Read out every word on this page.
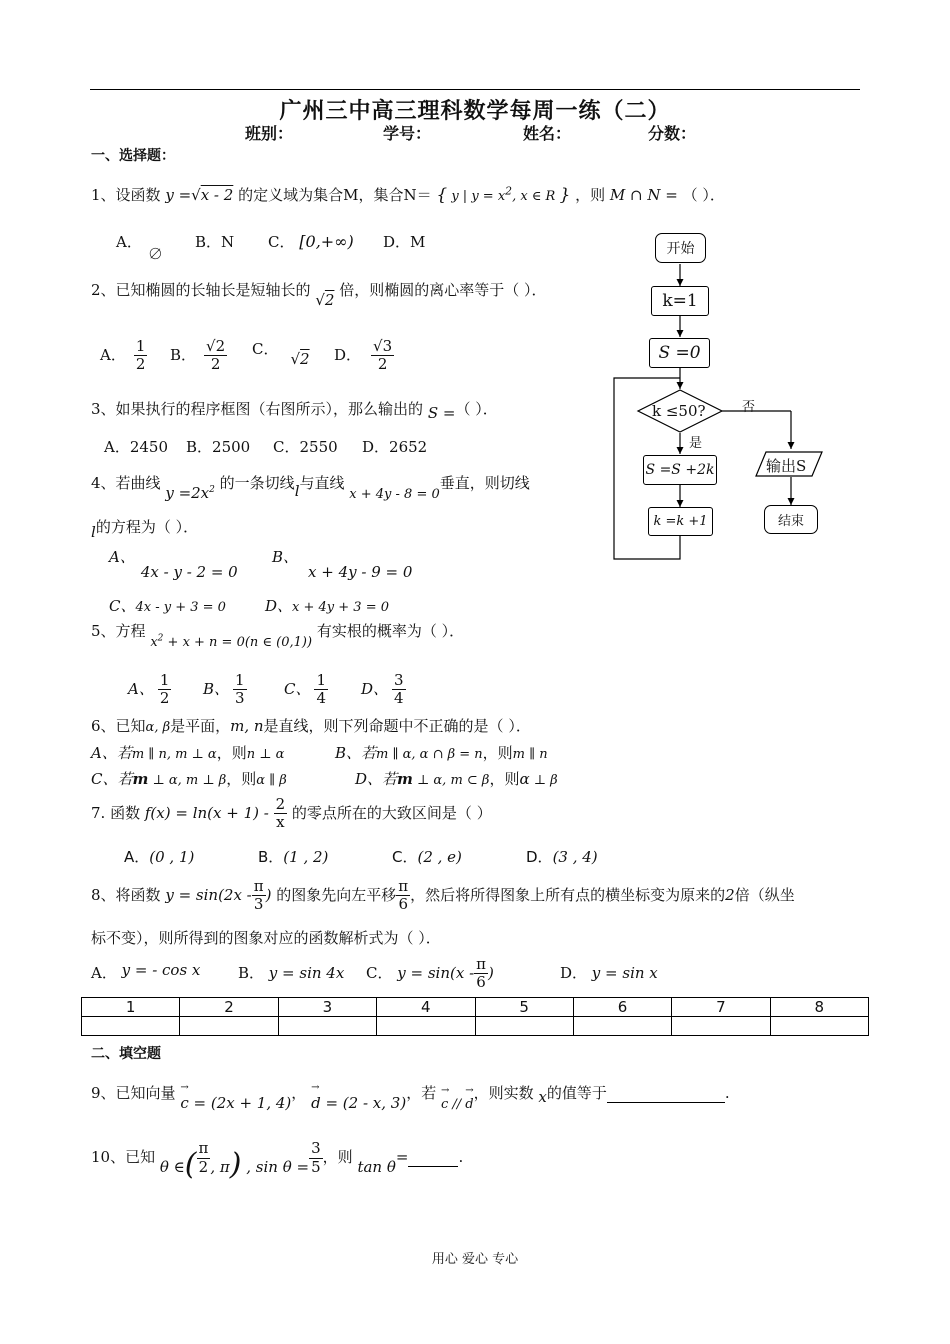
广州三中高三理科数学每周一练（二）
班别：	学号：	姓名：	分数：
一、选择题：
1、设函数 y =√x - 2 的定义域为集合M，集合N＝ { y | $y = x^2$, x ∈ R } ，则 M ∩ N = （ ）．
A．∅
B．N C． [0,+∞) D．M
2、已知椭圆的长轴长是短轴长的 √2 倍，则椭圆的离心率等于（ ）．
A． $\frac{1}{2}$ B． $\frac{√2}{2}$ C．√2 D． $\frac{√3}{2}$
3、如果执行的程序框图（右图所示），那么输出的 S =（ ）．
A．2450 B．2500 C．2550 D．2652
4、若曲线 $y =2x^2$ 的一条切线l与直线 x + 4y - 8 = 0垂直，则切线
l的方程为（ ）．
A、4x - y - 2 = 0
B、x + 4y - 9 = 0
C、4x - y + 3 = 0	D、x + 4y + 3 = 0
5、方程 $x^2 + x + n = 0(n$ ∈ (0,1)) 有实根的概率为（ ）．
A、 $\frac{1}{2}$ B、 $\frac{1}{3}$ C、 $\frac{1}{4}$ D、 $\frac{3}{4}$
6、已知α, β是平面，m, n是直线，则下列命题中不正确的是（ ）．
A、若m ∥ n, m ⊥ α，则n ⊥ α	B、若m ∥ α, α ∩ β = n，则m ∥ n
C、若m ⊥ α, m ⊥ β，则α ∥ β	D、若m ⊥ α, m ⊂ β，则α ⊥ β
7. 函数 $f(x) = \ln(x + 1) - \frac{2}{x}$ 的零点所在的大致区间是（ ）
A．(0 , 1)	B．(1 , 2)	C．(2 , e)	D．(3 , 4)
8、将函数 $y = \sin(2x - \frac{\pi}{3}$ ) 的图象先向左平移 $\frac{\pi}{6}$ ，然后将所得图象上所有点的横坐标变为原来的2倍（纵坐
标不变），则所得到的图象对应的函数解析式为（ ）．
A． y = - cos x	B． y = sin 4x C． $y = \sin(x - \frac{\pi}{6}$ )	D． y = sin x
1	2	3	4	5	6	7	8

二、填空题
9、已知向量 → c = (2x + 1, 4)， → d = (2 - x, 3)，若 → c // → d，则实数 x的值等于	.
10、已知 θ ∈( $\frac{\pi}{2}$ , π) , $\sin \theta = \frac{3}{5}$ ，则 tan θ=	.
开始
k=1
S =0
k ≤50?	否
是
S =S +2k
k =k +1
输出S
结束
用心 爱心 专心
